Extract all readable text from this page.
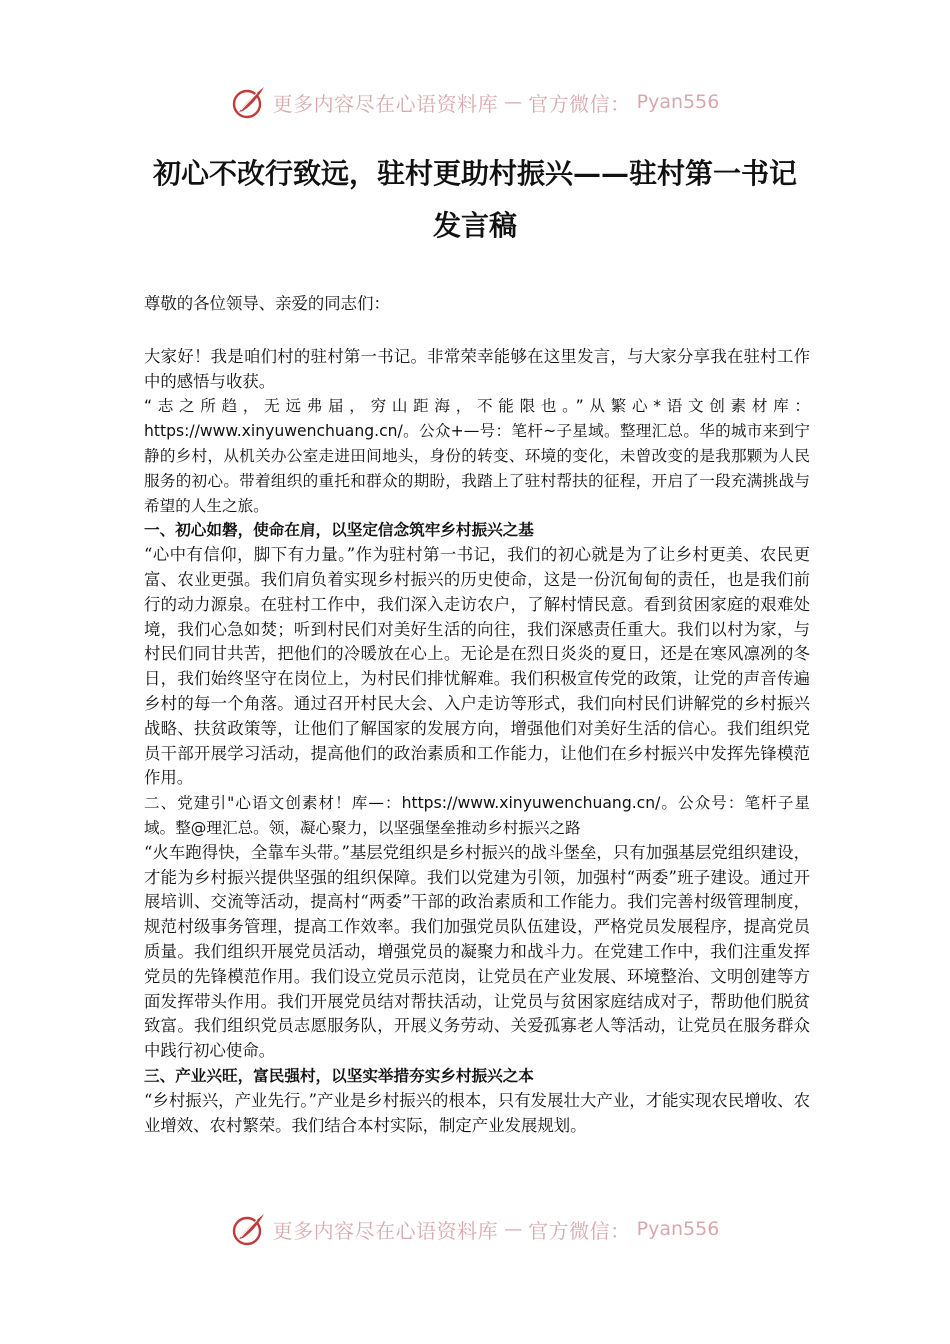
更多内容尽在心语资料库 — 官方微信： Pyan556
初心不改行致远，驻村更助村振兴——驻村第一书记
发言稿

尊敬的各位领导、亲爱的同志们：

大家好！我是咱们村的驻村第一书记。非常荣幸能够在这里发言，与大家分享我在驻村工作中的感悟与收获。

“志之所趋，无远弗届，穷山距海，不能限也。”从繁心*语文创素材库：https://www.xinyuwenchuang.cn/。公众+—号：笔杆~子星域。整理汇总。华的城市来到宁静的乡村，从机关办公室走进田间地头，身份的转变、环境的变化，未曾改变的是我那颗为人民服务的初心。带着组织的重托和群众的期盼，我踏上了驻村帮扶的征程，开启了一段充满挑战与希望的人生之旅。

一、初心如磐，使命在肩，以坚定信念筑牢乡村振兴之基

“心中有信仰，脚下有力量。”作为驻村第一书记，我们的初心就是为了让乡村更美、农民更富、农业更强。我们肩负着实现乡村振兴的历史使命，这是一份沉甸甸的责任，也是我们前行的动力源泉。在驻村工作中，我们深入走访农户，了解村情民意。看到贫困家庭的艰难处境，我们心急如焚；听到村民们对美好生活的向往，我们深感责任重大。我们以村为家，与村民们同甘共苦，把他们的冷暖放在心上。无论是在烈日炎炎的夏日，还是在寒风凛冽的冬日，我们始终坚守在岗位上，为村民们排忧解难。我们积极宣传党的政策，让党的声音传遍乡村的每一个角落。通过召开村民大会、入户走访等形式，我们向村民们讲解党的乡村振兴战略、扶贫政策等，让他们了解国家的发展方向，增强他们对美好生活的信心。我们组织党员干部开展学习活动，提高他们的政治素质和工作能力，让他们在乡村振兴中发挥先锋模范作用。

二、党建引"心语文创素材！库—：https://www.xinyuwenchuang.cn/。公众号：笔杆子星域。整@理汇总。领，凝心聚力，以坚强堡垒推动乡村振兴之路

“火车跑得快，全靠车头带。”基层党组织是乡村振兴的战斗堡垒，只有加强基层党组织建设，才能为乡村振兴提供坚强的组织保障。我们以党建为引领，加强村“两委”班子建设。通过开展培训、交流等活动，提高村“两委”干部的政治素质和工作能力。我们完善村级管理制度，规范村级事务管理，提高工作效率。我们加强党员队伍建设，严格党员发展程序，提高党员质量。我们组织开展党员活动，增强党员的凝聚力和战斗力。在党建工作中，我们注重发挥党员的先锋模范作用。我们设立党员示范岗，让党员在产业发展、环境整治、文明创建等方面发挥带头作用。我们开展党员结对帮扶活动，让党员与贫困家庭结成对子，帮助他们脱贫致富。我们组织党员志愿服务队，开展义务劳动、关爱孤寡老人等活动，让党员在服务群众中践行初心使命。

三、产业兴旺，富民强村，以坚实举措夯实乡村振兴之本

“乡村振兴，产业先行。”产业是乡村振兴的根本，只有发展壮大产业，才能实现农民增收、农业增效、农村繁荣。我们结合本村实际，制定产业发展规划。

更多内容尽在心语资料库 — 官方微信： Pyan556
